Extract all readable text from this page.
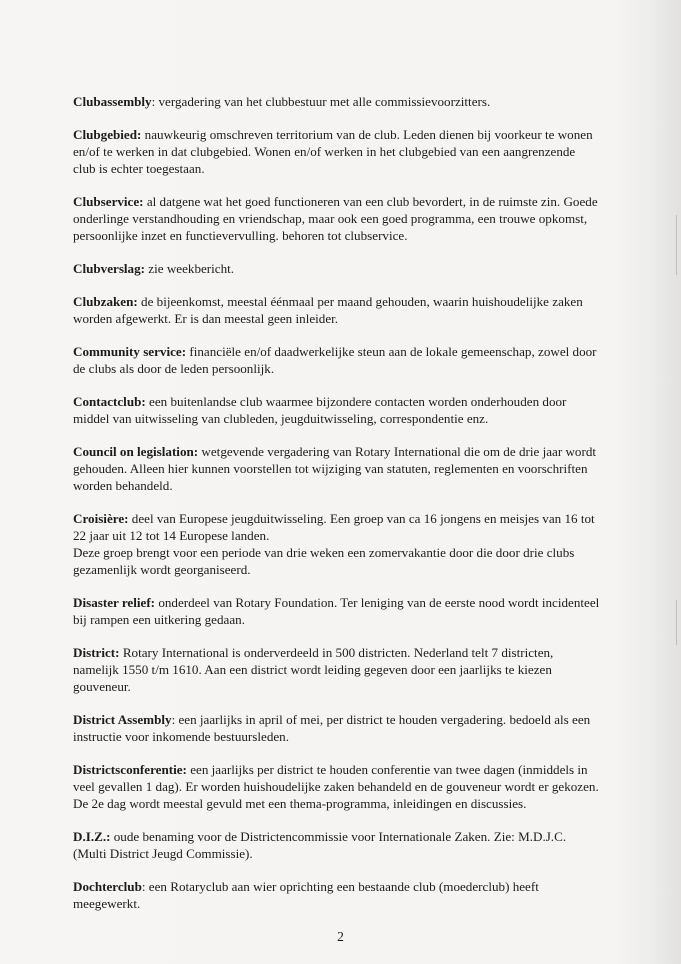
Clubassembly: vergadering van het clubbestuur met alle commissievoorzitters.

Clubgebied: nauwkeurig omschreven territorium van de club. Leden dienen bij voorkeur te wonen en/of te werken in dat clubgebied. Wonen en/of werken in het clubgebied van een aangrenzende club is echter toegestaan.

Clubservice: al datgene wat het goed functioneren van een club bevordert, in de ruimste zin. Goede onderlinge verstandhouding en vriendschap, maar ook een goed programma, een trouwe opkomst, persoonlijke inzet en functievervulling. behoren tot clubservice.

Clubverslag: zie weekbericht.

Clubzaken: de bijeenkomst, meestal éénmaal per maand gehouden, waarin huishoudelijke zaken worden afgewerkt. Er is dan meestal geen inleider.

Community service: financiële en/of daadwerkelijke steun aan de lokale gemeenschap, zowel door de clubs als door de leden persoonlijk.

Contactclub: een buitenlandse club waarmee bijzondere contacten worden onderhouden door middel van uitwisseling van clubleden, jeugduitwisseling, correspondentie enz.

Council on legislation: wetgevende vergadering van Rotary International die om de drie jaar wordt gehouden. Alleen hier kunnen voorstellen tot wijziging van statuten, reglementen en voorschriften worden behandeld.

Croisière: deel van Europese jeugduitwisseling. Een groep van ca 16 jongens en meisjes van 16 tot 22 jaar uit 12 tot 14 Europese landen.
Deze groep brengt voor een periode van drie weken een zomervakantie door die door drie clubs gezamenlijk wordt georganiseerd.

Disaster relief: onderdeel van Rotary Foundation. Ter leniging van de eerste nood wordt incidenteel bij rampen een uitkering gedaan.

District: Rotary International is onderverdeeld in 500 districten. Nederland telt 7 districten, namelijk 1550 t/m 1610. Aan een district wordt leiding gegeven door een jaarlijks te kiezen gouveneur.

District Assembly: een jaarlijks in april of mei, per district te houden vergadering. bedoeld als een instructie voor inkomende bestuursleden.

Districtsconferentie: een jaarlijks per district te houden conferentie van twee dagen (inmiddels in veel gevallen 1 dag). Er worden huishoudelijke zaken behandeld en de gouveneur wordt er gekozen. De 2e dag wordt meestal gevuld met een thema-programma, inleidingen en discussies.

D.I.Z.: oude benaming voor de Districtencommissie voor Internationale Zaken. Zie: M.D.J.C. (Multi District Jeugd Commissie).

Dochterclub: een Rotaryclub aan wier oprichting een bestaande club (moederclub) heeft meegewerkt.

2
